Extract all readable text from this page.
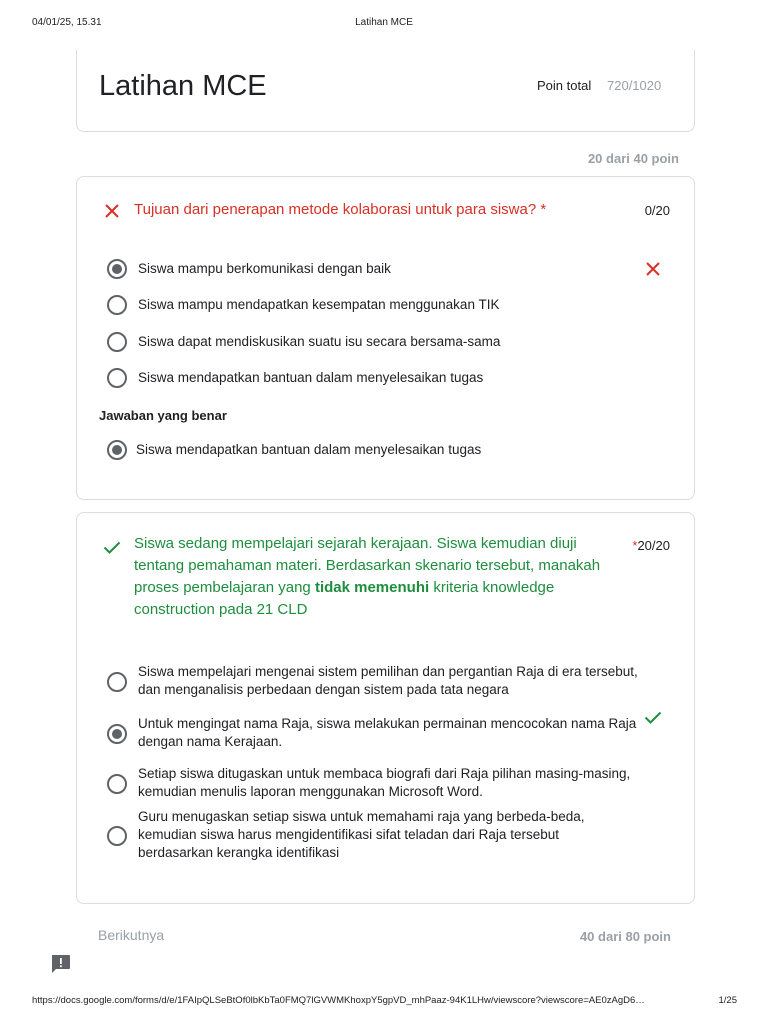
04/01/25, 15.31	Latihan MCE
Latihan MCE	Poin total 720/1020
20 dari 40 poin
Tujuan dari penerapan metode kolaborasi untuk para siswa? *	0/20
Siswa mampu berkomunikasi dengan baik
Siswa mampu mendapatkan kesempatan menggunakan TIK
Siswa dapat mendiskusikan suatu isu secara bersama-sama
Siswa mendapatkan bantuan dalam menyelesaikan tugas
Jawaban yang benar
Siswa mendapatkan bantuan dalam menyelesaikan tugas
Siswa sedang mempelajari sejarah kerajaan. Siswa kemudian diuji tentang pemahaman materi. Berdasarkan skenario tersebut, manakah proses pembelajaran yang tidak memenuhi kriteria knowledge construction pada 21 CLD
*20/20
Siswa mempelajari mengenai sistem pemilihan dan pergantian Raja di era tersebut, dan menganalisis perbedaan dengan sistem pada tata negara
Untuk mengingat nama Raja, siswa melakukan permainan mencocokan nama Raja dengan nama Kerajaan.
Setiap siswa ditugaskan untuk membaca biografi dari Raja pilihan masing-masing, kemudian menulis laporan menggunakan Microsoft Word.
Guru menugaskan setiap siswa untuk memahami raja yang berbeda-beda, kemudian siswa harus mengidentifikasi sifat teladan dari Raja tersebut berdasarkan kerangka identifikasi
Berikutnya	40 dari 80 poin
https://docs.google.com/forms/d/e/1FAIpQLSeBtOf0lbKbTa0FMQ7lGVWMKhoxpY5gpVD_mhPaaz-94K1LHw/viewscore?viewscore=AE0zAgD6…	1/25
